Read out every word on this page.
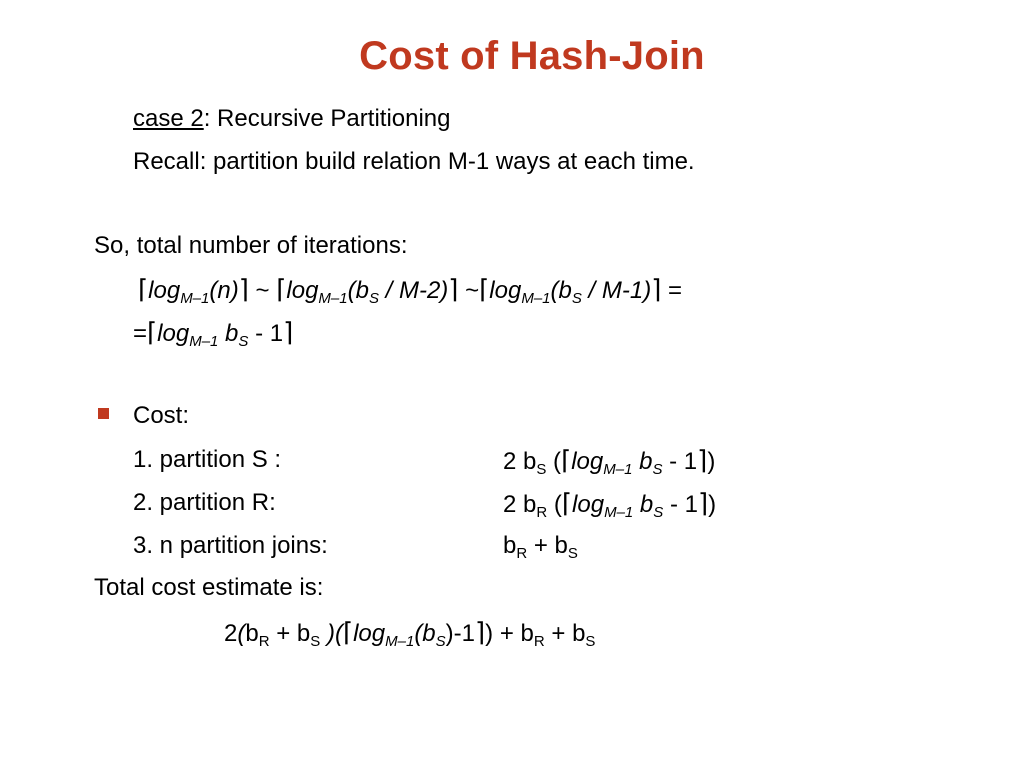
Cost of Hash-Join
case 2: Recursive Partitioning
Recall: partition build relation M-1 ways at each time.
So, total number of iterations:
$⌈\log_{M-1}(n)⌉$ ~ $⌈\log_{M-1}(b_S$ / M-2)⌉ $\sim⌈\log_{M-1}(b_S$ / M-1)⌉ =
$=⌈\log_{M-1}$ $b_S$ - 1⌉
Cost:
1. partition S :	2 $b_S$ ($⌈\log_{M-1}$ $b_S$ - 1⌉)
2. partition R:	2 $b_R$ ($⌈\log_{M-1}$ $b_S$ - 1⌉)
3. n partition joins:	$b_R + b_S$
Total cost estimate is:
$2(b_R + b_S$ )$(⌈\log_{M-1}(b_S)-1⌉) + b_R + b_S$
